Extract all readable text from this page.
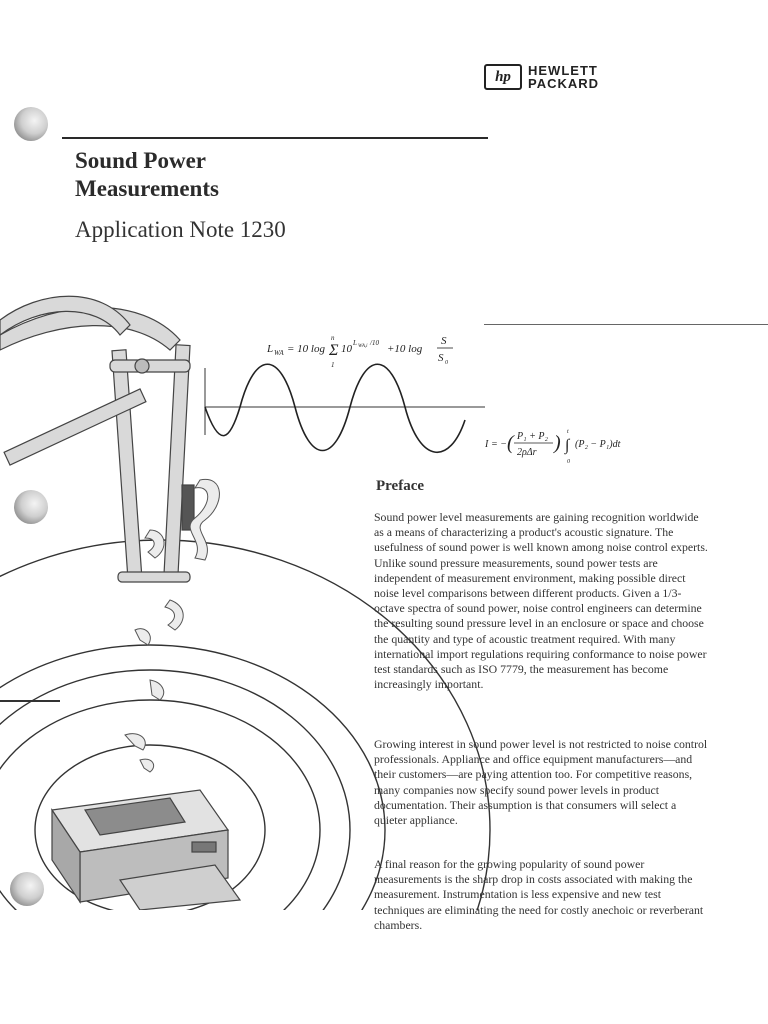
hp	HEWLETT
PACKARD
Sound Power
Measurements
Application Note 1230
L WA = 10 log Σ
n
1
10 L WA,i /10 +10 log
S
S 0
I = − ( P₁ + P₂
2ρΔr ) ∫
t
0
(P₂ − P₁)dt
Preface
Sound power level measurements are gaining recognition worldwide as a means of characterizing a product's acoustic signature. The usefulness of sound power is well known among noise control experts. Unlike sound pressure measurements, sound power tests are independent of measurement environment, making possible direct noise level comparisons between different products. Given a 1/3-octave spectra of sound power, noise control engineers can determine the resulting sound pressure level in an enclosure or space and choose the quantity and type of acoustic treatment required. With many international import regulations requiring conformance to noise power test standards such as ISO 7779, the measurement has become increasingly important.
Growing interest in sound power level is not restricted to noise control professionals. Appliance and office equipment manufacturers—and their customers—are paying attention too. For competitive reasons, many companies now specify sound power levels in product documentation. Their assumption is that consumers will select a quieter appliance.
A final reason for the growing popularity of sound power measurements is the sharp drop in costs associated with making the measurement. Instrumentation is less expensive and new test techniques are eliminating the need for costly anechoic or reverberant chambers.
